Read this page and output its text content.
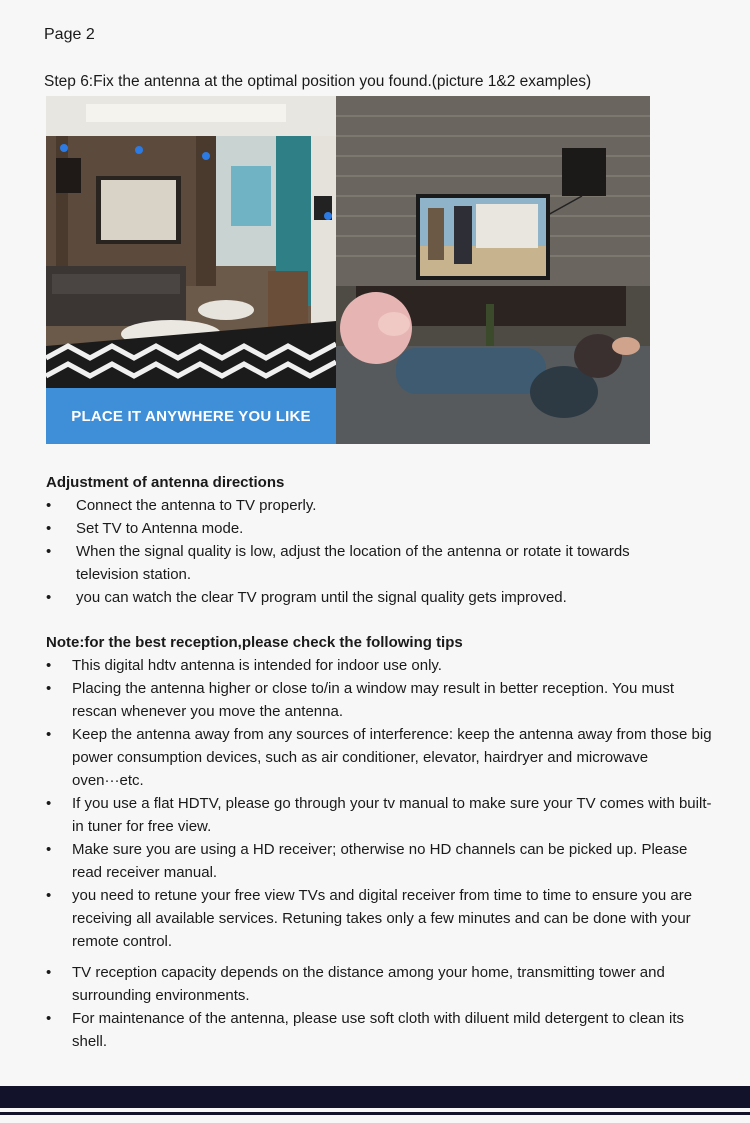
Page 2
Step 6:Fix the antenna at the optimal position you found.(picture 1&2 examples)
PLACE IT ANYWHERE YOU LIKE
Adjustment of antenna directions
• Connect the antenna to TV properly.
• Set TV to Antenna mode.
• When the signal quality is low, adjust the location of the antenna or rotate it towards television station.
• you can watch the clear TV program until the signal quality gets improved.
Note:for the best reception,please check the following tips
• This digital hdtv antenna is intended for indoor use only.
• Placing the antenna higher or close to/in a window may result in better reception. You must rescan whenever you move the antenna.
• Keep the antenna away from any sources of interference: keep the antenna away from those big power consumption devices, such as air conditioner, elevator, hairdryer and microwave oven···etc.
• If you use a flat HDTV, please go through your tv manual to make sure your TV comes with built-in tuner for free view.
• Make sure you are using a HD receiver; otherwise no HD channels can be picked up. Please read receiver manual.
• you need to retune your free view TVs and digital receiver from time to time to ensure you are receiving all available services. Retuning takes only a few minutes and can be done with your remote control.
• TV reception capacity depends on the distance among your home, transmitting tower and surrounding environments.
• For maintenance of the antenna, please use soft cloth with diluent mild detergent to clean its shell.
